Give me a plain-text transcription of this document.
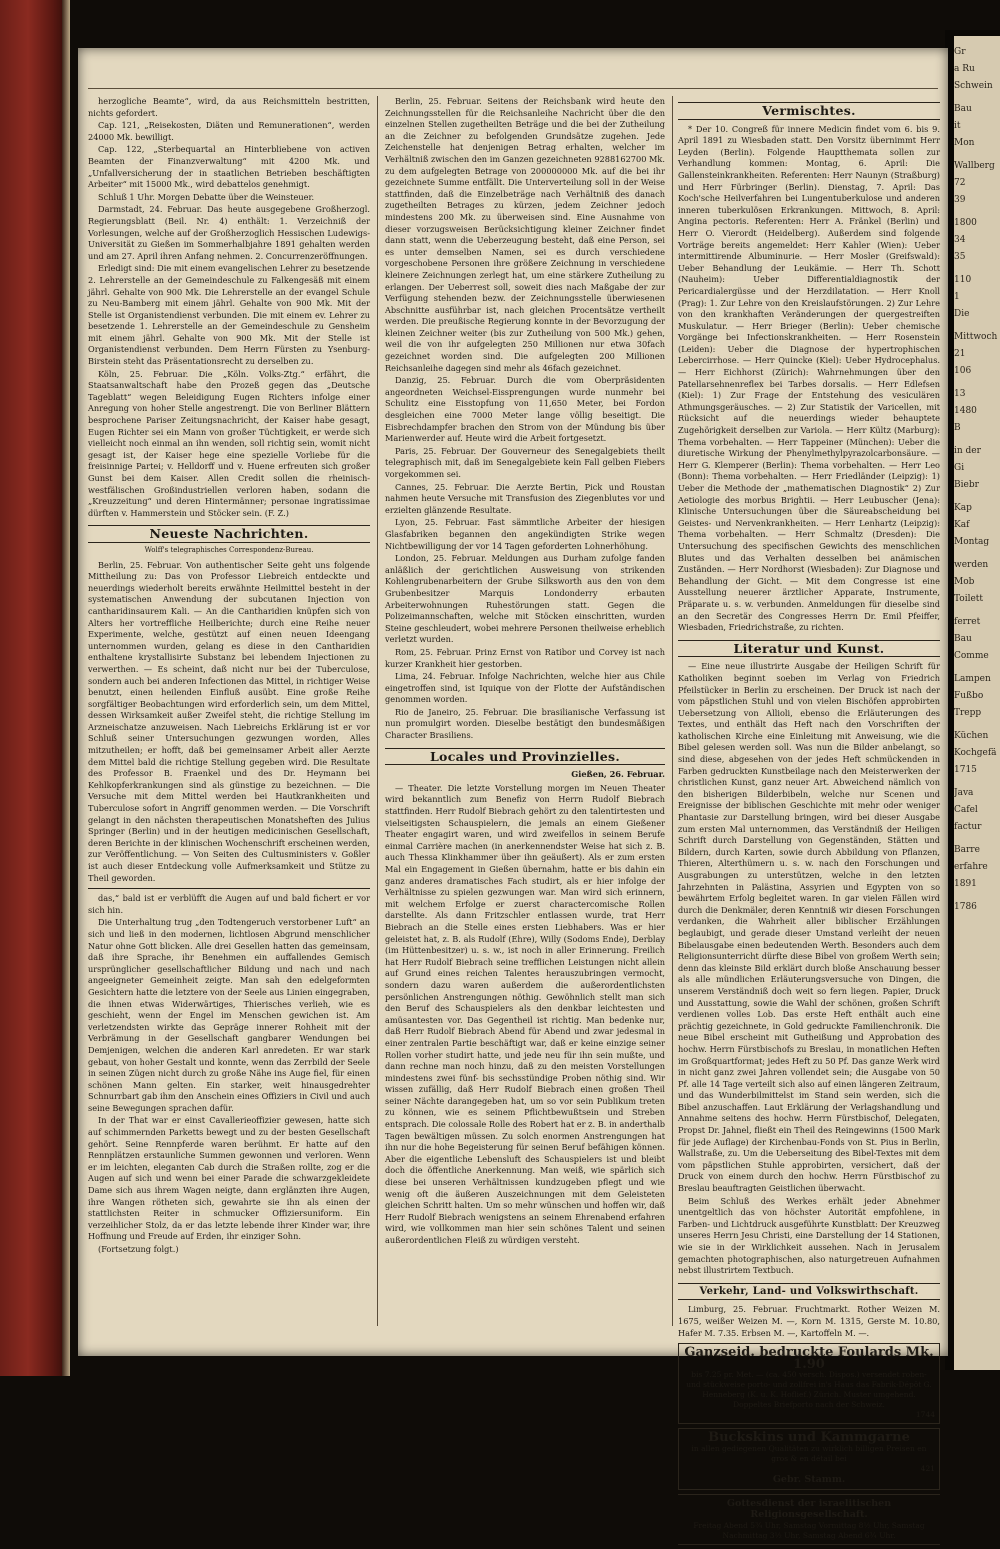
Gr
a Ru
Schwein
Bau
it
Mon
Wallberg
72
39
1800
34
35
110
1
Die
Mittwoch
21
106
13
1480
B
in der
Gi
Biebr
Kap
Kaf
Montag
werden
Mob
Toilett
ferret
Bau
Comme
Lampen
Fußbo
Trepp
Küchen
Kochgefä
1715
Java
Cafel
factur
Barre
erfahre
1891
1786

herzogliche Beamte“, wird, da aus Reichsmitteln bestritten, nichts gefordert.

Cap. 121, „Reisekosten, Diäten und Remunerationen“, werden 24000 Mk. bewilligt.

Cap. 122, „Sterbequartal an Hinterbliebene von activen Beamten der Finanzverwaltung“ mit 4200 Mk. und „Unfallversicherung der in staatlichen Betrieben beschäftigten Arbeiter“ mit 15000 Mk., wird debattelos genehmigt.

Schluß 1 Uhr. Morgen Debatte über die Weinsteuer.

Darmstadt, 24. Februar. Das heute ausgegebene Großherzogl. Regierungsblatt (Beil. Nr. 4) enthält: 1. Verzeichniß der Vorlesungen, welche auf der Großherzoglich Hessischen Ludewigs-Universität zu Gießen im Sommerhalbjahre 1891 gehalten werden und am 27. April ihren Anfang nehmen. 2. Concurrenzeröffnungen.

Erledigt sind: Die mit einem evangelischen Lehrer zu besetzende 2. Lehrerstelle an der Gemeindeschule zu Falkengesäß mit einem jährl. Gehalte von 900 Mk. Die Lehrerstelle an der evangel Schule zu Neu-Bamberg mit einem jährl. Gehalte von 900 Mk. Mit der Stelle ist Organistendienst verbunden. Die mit einem ev. Lehrer zu besetzende 1. Lehrerstelle an der Gemeindeschule zu Gensheim mit einem jährl. Gehalte von 900 Mk. Mit der Stelle ist Organistendienst verbunden. Dem Herrn Fürsten zu Ysenburg-Birstein steht das Präsentationsrecht zu derselben zu.

Köln, 25. Februar. Die „Köln. Volks-Ztg.“ erfährt, die Staatsanwaltschaft habe den Prozeß gegen das „Deutsche Tageblatt“ wegen Beleidigung Eugen Richters infolge einer Anregung von hoher Stelle angestrengt. Die von Berliner Blättern besprochene Pariser Zeitungsnachricht, der Kaiser habe gesagt, Eugen Richter sei ein Mann von großer Tüchtigkeit, er werde sich vielleicht noch einmal an ihn wenden, soll richtig sein, womit nicht gesagt ist, der Kaiser hege eine spezielle Vorliebe für die freisinnige Partei; v. Helldorff und v. Huene erfreuten sich großer Gunst bei dem Kaiser. Allen Credit sollen die rheinisch-westfälischen Großindustriellen verloren haben, sodann die „Kreuzzeitung“ und deren Hintermänner; personae ingratissimae dürften v. Hammerstein und Stöcker sein. (F. Z.)

Neueste Nachrichten.
Wolff's telegraphisches Correspondenz-Bureau.

Berlin, 25. Februar. Von authentischer Seite geht uns folgende Mittheilung zu: Das von Professor Liebreich entdeckte und neuerdings wiederholt bereits erwähnte Heilmittel besteht in der systematischen Anwendung der subcutanen Injection von cantharidinsaurem Kali. — An die Cantharidien knüpfen sich von Alters her vortreffliche Heilberichte; durch eine Reihe neuer Experimente, welche, gestützt auf einen neuen Ideengang unternommen wurden, gelang es diese in den Cantharidien enthaltene krystallisirte Substanz bei lebendem Injectionen zu verwerthen. — Es scheint, daß nicht nur bei der Tuberculose, sondern auch bei anderen Infectionen das Mittel, in richtiger Weise benutzt, einen heilenden Einfluß ausübt. Eine große Reihe sorgfältiger Beobachtungen wird erforderlich sein, um dem Mittel, dessen Wirksamkeit außer Zweifel steht, die richtige Stellung im Arzneischatze anzuweisen. Nach Liebreichs Erklärung ist er vor Schluß seiner Untersuchungen gezwungen worden, Alles mitzutheilen; er hofft, daß bei gemeinsamer Arbeit aller Aerzte dem Mittel bald die richtige Stellung gegeben wird. Die Resultate des Professor B. Fraenkel und des Dr. Heymann bei Kehlkopferkrankungen sind als günstige zu bezeichnen. — Die Versuche mit dem Mittel werden bei Hautkrankheiten und Tuberculose sofort in Angriff genommen werden. — Die Vorschrift gelangt in den nächsten therapeutischen Monatsheften des Julius Springer (Berlin) und in der heutigen medicinischen Gesellschaft, deren Berichte in der klinischen Wochenschrift erscheinen werden, zur Veröffentlichung. — Von Seiten des Cultusministers v. Goßler ist auch dieser Entdeckung volle Aufmerksamkeit und Stütze zu Theil geworden.

das,“ bald ist er verblüfft die Augen auf und bald fichert er vor sich hin.

Die Unterhaltung trug „den Todtengeruch verstorbener Luft“ an sich und ließ in den modernen, lichtlosen Abgrund menschlicher Natur ohne Gott blicken. Alle drei Gesellen hatten das gemeinsam, daß ihre Sprache, ihr Benehmen ein auffallendes Gemisch ursprünglicher gesellschaftlicher Bildung und nach und nach angeeigneter Gemeinheit zeigte. Man sah den edelgeformten Gesichtern hatte die letztere von der Seele aus Linien eingegraben, die ihnen etwas Widerwärtiges, Thierisches verlieh, wie es geschieht, wenn der Engel im Menschen gewichen ist. Am verletzendsten wirkte das Gepräge innerer Rohheit mit der Verbrämung in der Gesellschaft gangbarer Wendungen bei Demjenigen, welchen die anderen Karl anredeten. Er war stark gebaut, von hoher Gestalt und konnte, wenn das Zerrbild der Seele in seinen Zügen nicht durch zu große Nähe ins Auge fiel, für einen schönen Mann gelten. Ein starker, weit hinausgedrehter Schnurrbart gab ihm den Anschein eines Offiziers in Civil und auch seine Bewegungen sprachen dafür.

In der That war er einst Cavallerieoffizier gewesen, hatte sich auf schimmernden Parketts bewegt und zu der besten Gesellschaft gehört. Seine Rennpferde waren berühmt. Er hatte auf den Rennplätzen erstaunliche Summen gewonnen und verloren. Wenn er im leichten, eleganten Cab durch die Straßen rollte, zog er die Augen auf sich und wenn bei einer Parade die schwarzgekleidete Dame sich aus ihrem Wagen neigte, dann erglänzten ihre Augen, ihre Wangen rötheten sich, gewahrte sie ihn als einen der stattlichsten Reiter in schmucker Offiziersuniform. Ein verzeihlicher Stolz, da er das letzte lebende ihrer Kinder war, ihre Hoffnung und Freude auf Erden, ihr einziger Sohn.

(Fortsetzung folgt.)

Berlin, 25. Februar. Seitens der Reichsbank wird heute den Zeichnungsstellen für die Reichsanleihe Nachricht über die den einzelnen Stellen zugetheilten Beträge und die bei der Zutheilung an die Zeichner zu befolgenden Grundsätze zugehen. Jede Zeichenstelle hat denjenigen Betrag erhalten, welcher im Verhältniß zwischen den im Ganzen gezeichneten 9288162700 Mk. zu dem aufgelegten Betrage von 200000000 Mk. auf die bei ihr gezeichnete Summe entfällt. Die Unterverteilung soll in der Weise stattfinden, daß die Einzelbeträge nach Verhältniß des danach zugetheilten Betrages zu kürzen, jedem Zeichner jedoch mindestens 200 Mk. zu überweisen sind. Eine Ausnahme von dieser vorzugsweisen Berücksichtigung kleiner Zeichner findet dann statt, wenn die Ueberzeugung besteht, daß eine Person, sei es unter demselben Namen, sei es durch verschiedene vorgeschobene Personen ihre größere Zeichnung in verschiedene kleinere Zeichnungen zerlegt hat, um eine stärkere Zutheilung zu erlangen. Der Ueberrest soll, soweit dies nach Maßgabe der zur Verfügung stehenden bezw. der Zeichnungsstelle überwiesenen Abschnitte ausführbar ist, nach gleichen Procentsätze vertheilt werden. Die preußische Regierung konnte in der Bevorzugung der kleinen Zeichner weiter (bis zur Zutheilung von 500 Mk.) gehen, weil die von ihr aufgelegten 250 Millionen nur etwa 30fach gezeichnet worden sind. Die aufgelegten 200 Millionen Reichsanleihe dagegen sind mehr als 46fach gezeichnet.

Danzig, 25. Februar. Durch die vom Oberpräsidenten angeordneten Weichsel-Eissprengungen wurde nunmehr bei Schulitz eine Eisstopfung von 11,650 Meter, bei Fordon desgleichen eine 7000 Meter lange völlig beseitigt. Die Eisbrechdampfer brachen den Strom von der Mündung bis über Marienwerder auf. Heute wird die Arbeit fortgesetzt.

Paris, 25. Februar. Der Gouverneur des Senegalgebiets theilt telegraphisch mit, daß im Senegalgebiete kein Fall gelben Fiebers vorgekommen sei.

Cannes, 25. Februar. Die Aerzte Bertin, Pick und Roustan nahmen heute Versuche mit Transfusion des Ziegenblutes vor und erzielten glänzende Resultate.

Lyon, 25. Februar. Fast sämmtliche Arbeiter der hiesigen Glasfabriken begannen den angekündigten Strike wegen Nichtbewilligung der vor 14 Tagen geforderten Lohnerhöhung.

London, 25. Februar. Meldungen aus Durham zufolge fanden anläßlich der gerichtlichen Ausweisung von strikenden Kohlengrubenarbeitern der Grube Silksworth aus den von dem Grubenbesitzer Marquis Londonderry erbauten Arbeiterwohnungen Ruhestörungen statt. Gegen die Polizeimannschaften, welche mit Stöcken einschritten, wurden Steine geschleudert, wobei mehrere Personen theilweise erheblich verletzt wurden.

Rom, 25. Februar. Prinz Ernst von Ratibor und Corvey ist nach kurzer Krankheit hier gestorben.

Lima, 24. Februar. Infolge Nachrichten, welche hier aus Chile eingetroffen sind, ist Iquique von der Flotte der Aufständischen genommen worden.

Rio de Janeiro, 25. Februar. Die brasilianische Verfassung ist nun promulgirt worden. Dieselbe bestätigt den bundesmäßigen Character Brasiliens.

Locales und Provinzielles.
Gießen, 26. Februar.

— Theater. Die letzte Vorstellung morgen im Neuen Theater wird bekanntlich zum Benefiz von Herrn Rudolf Biebrach stattfinden. Herr Rudolf Biebrach gehört zu den talentirtesten und vielseitigsten Schauspielern, die jemals an einem Gießener Theater engagirt waren, und wird zweifellos in seinem Berufe einmal Carrière machen (in anerkennendster Weise hat sich z. B. auch Thessa Klinkhammer über ihn geäußert). Als er zum ersten Mal ein Engagement in Gießen übernahm, hatte er bis dahin ein ganz anderes dramatisches Fach studirt, als er hier infolge der Verhältnisse zu spielen gezwungen war. Man wird sich erinnern, mit welchem Erfolge er zuerst charactercomische Rollen darstellte. Als dann Fritzschler entlassen wurde, trat Herr Biebrach an die Stelle eines ersten Liebhabers. Was er hier geleistet hat, z. B. als Rudolf (Ehre), Willy (Sodoms Ende), Derblay (im Hüttenbesitzer) u. s. w., ist noch in aller Erinnerung. Freilich hat Herr Rudolf Biebrach seine trefflichen Leistungen nicht allein auf Grund eines reichen Talentes herauszubringen vermocht, sondern dazu waren außerdem die außerordentlichsten persönlichen Anstrengungen nöthig. Gewöhnlich stellt man sich den Beruf des Schauspielers als den denkbar leichtesten und amüsantesten vor. Das Gegentheil ist richtig. Man bedenke nur, daß Herr Rudolf Biebrach Abend für Abend und zwar jedesmal in einer zentralen Partie beschäftigt war, daß er keine einzige seiner Rollen vorher studirt hatte, und jede neu für ihn sein mußte, und dann rechne man noch hinzu, daß zu den meisten Vorstellungen mindestens zwei fünf- bis sechsstündige Proben nöthig sind. Wir wissen zufällig, daß Herr Rudolf Biebrach einen großen Theil seiner Nächte darangegeben hat, um so vor sein Publikum treten zu können, wie es seinem Pflichtbewußtsein und Streben entsprach. Die colossale Rolle des Robert hat er z. B. in anderthalb Tagen bewältigen müssen. Zu solch enormen Anstrengungen hat ihn nur die hohe Begeisterung für seinen Beruf befähigen können. Aber die eigentliche Lebensluft des Schauspielers ist und bleibt doch die öffentliche Anerkennung. Man weiß, wie spärlich sich diese bei unseren Verhältnissen kundzugeben pflegt und wie wenig oft die äußeren Auszeichnungen mit dem Geleisteten gleichen Schritt halten. Um so mehr wünschen und hoffen wir, daß Herr Rudolf Biebrach wenigstens an seinem Ehrenabend erfahren wird, wie vollkommen man hier sein schönes Talent und seinen außerordentlichen Fleiß zu würdigen versteht.

Vermischtes.

* Der 10. Congreß für innere Medicin findet vom 6. bis 9. April 1891 zu Wiesbaden statt. Den Vorsitz übernimmt Herr Leyden (Berlin). Folgende Hauptthemata sollen zur Verhandlung kommen: Montag, 6. April: Die Gallensteinkrankheiten. Referenten: Herr Naunyn (Straßburg) und Herr Fürbringer (Berlin). Dienstag, 7. April: Das Koch'sche Heilverfahren bei Lungentuberkulose und anderen inneren tuberkulösen Erkrankungen. Mittwoch, 8. April: Angina pectoris. Referenten: Herr A. Fränkel (Berlin) und Herr O. Vierordt (Heidelberg). Außerdem sind folgende Vorträge bereits angemeldet: Herr Kahler (Wien): Ueber intermittirende Albuminurie. — Herr Mosler (Greifswald): Ueber Behandlung der Leukämie. — Herr Th. Schott (Nauheim): Ueber Differentialdiagnostik der Pericardialergüsse und der Herzdilatation. — Herr Knoll (Prag): 1. Zur Lehre von den Kreislaufstörungen. 2) Zur Lehre von den krankhaften Veränderungen der quergestreiften Muskulatur. — Herr Brieger (Berlin): Ueber chemische Vorgänge bei Infectionskrankheiten. — Herr Rosenstein (Leiden): Ueber die Diagnose der hypertrophischen Lebercirrhose. — Herr Quincke (Kiel): Ueber Hydrocephalus. — Herr Eichhorst (Zürich): Wahrnehmungen über den Patellarsehnenreflex bei Tarbes dorsalis. — Herr Edlefsen (Kiel): 1) Zur Frage der Entstehung des vesiculären Athmungsgeräusches. — 2) Zur Statistik der Varicellen, mit Rücksicht auf die neuerdings wieder behauptete Zugehörigkeit derselben zur Variola. — Herr Kültz (Marburg): Thema vorbehalten. — Herr Tappeiner (München): Ueber die diuretische Wirkung der Phenylmethylpyrazolcarbonsäure. — Herr G. Klemperer (Berlin): Thema vorbehalten. — Herr Leo (Bonn): Thema vorbehalten. — Herr Friedländer (Leipzig): 1) Ueber die Methode der „mathematischen Diagnostik“ 2) Zur Aetiologie des morbus Brightii. — Herr Leubuscher (Jena): Klinische Untersuchungen über die Säureabscheidung bei Geistes- und Nervenkrankheiten. — Herr Lenhartz (Leipzig): Thema vorbehalten. — Herr Schmaltz (Dresden): Die Untersuchung des specifischen Gewichts des menschlichen Blutes und das Verhalten desselben bei anämischen Zuständen. — Herr Nordhorst (Wiesbaden): Zur Diagnose und Behandlung der Gicht. — Mit dem Congresse ist eine Ausstellung neuerer ärztlicher Apparate, Instrumente, Präparate u. s. w. verbunden. Anmeldungen für dieselbe sind an den Secretär des Congresses Herrn Dr. Emil Pfeiffer, Wiesbaden, Friedrichstraße, zu richten.

Literatur und Kunst.

— Eine neue illustrirte Ausgabe der Heiligen Schrift für Katholiken beginnt soeben im Verlag von Friedrich Pfeilstücker in Berlin zu erscheinen. Der Druck ist nach der vom päpstlichen Stuhl und von vielen Bischöfen approbirten Uebersetzung von Allioli, ebenso die Erläuterungen des Textes, und enthält das Heft nach den Vorschriften der katholischen Kirche eine Einleitung mit Anweisung, wie die Bibel gelesen werden soll. Was nun die Bilder anbelangt, so sind diese, abgesehen von der jedes Heft schmückenden in Farben gedruckten Kunstbeilage nach den Meisterwerken der christlichen Kunst, ganz neuer Art. Abweichend nämlich von den bisherigen Bilderbibeln, welche nur Scenen und Ereignisse der biblischen Geschichte mit mehr oder weniger Phantasie zur Darstellung bringen, wird bei dieser Ausgabe zum ersten Mal unternommen, das Verständniß der Heiligen Schrift durch Darstellung von Gegenständen, Stätten und Bildern, durch Karten, sowie durch Abbildung von Pflanzen, Thieren, Alterthümern u. s. w. nach den Forschungen und Ausgrabungen zu unterstützen, welche in den letzten Jahrzehnten in Palästina, Assyrien und Egypten von so bewährtem Erfolg begleitet waren. In gar vielen Fällen wird durch die Denkmäler, deren Kenntniß wir diesen Forschungen verdanken, die Wahrheit aller biblischer Erzählungen beglaubigt, und gerade dieser Umstand verleiht der neuen Bibelausgabe einen bedeutenden Werth. Besonders auch dem Religionsunterricht dürfte diese Bibel von großem Werth sein; denn das kleinste Bild erklärt durch bloße Anschauung besser als alle mündlichen Erläuterungsversuche von Dingen, die unserem Verständniß doch weit so fern liegen. Papier, Druck und Ausstattung, sowie die Wahl der schönen, großen Schrift verdienen volles Lob. Das erste Heft enthält auch eine prächtig gezeichnete, in Gold gedruckte Familienchronik. Die neue Bibel erscheint mit Gutheißung und Approbation des hochw. Herrn Fürstbischofs zu Breslau, in monatlichen Heften im Großquartformat; jedes Heft zu 50 Pf. Das ganze Werk wird in nicht ganz zwei Jahren vollendet sein; die Ausgabe von 50 Pf. alle 14 Tage verteilt sich also auf einen längeren Zeitraum, und das Wunderbilmittelst im Stand sein werden, sich die Bibel anzuschaffen. Laut Erklärung der Verlagshandlung und Annahme seitens des hochw. Herrn Fürstbischof, Delegaten, Propst Dr. Jahnel, fließt ein Theil des Reingewinns (1500 Mark für jede Auflage) der Kirchenbau-Fonds von St. Pius in Berlin, Wallstraße, zu. Um die Ueberseitung des Bibel-Textes mit dem vom päpstlichen Stuhle approbirten, versichert, daß der Druck von einem durch den hochw. Herrn Fürstbischof zu Breslau beauftragten Geistlichen überwacht.

Beim Schluß des Werkes erhält jeder Abnehmer unentgeltlich das von höchster Autorität empfohlene, in Farben- und Lichtdruck ausgeführte Kunstblatt: Der Kreuzweg unseres Herrn Jesu Christi, eine Darstellung der 14 Stationen, wie sie in der Wirklichkeit aussehen. Nach in Jerusalem gemachten photographischen, also naturgetreuen Aufnahmen nebst illustrirtem Textbuch.

Verkehr, Land- und Volkswirthschaft.

Limburg, 25. Februar. Fruchtmarkt. Rother Weizen M. 1675, weißer Weizen M. —, Korn M. 1315, Gerste M. 10.80, Hafer M. 7.35. Erbsen M. —, Kartoffeln M. —.

Ganzseid. bedruckte Foulards Mk. 1.90
bis 7.25 pr. Met. — (ca. 450 versch. Dispos.) versendet roben- und stückweise porto- und zollfrei in's Haus das Fabrik-Dépôt G. Henneberg (K. u. K. Hoflief.) Zürich. Muster umgehend. Doppeltes Briefporto nach der Schweiz.
1744
Buckskins und Kammgarne
in allen gediegenen Qualitäten zu wirklich billigen Preisen en gros & en détail bei
421
Gebr. Stamm.
Gottesdienst der israelitischen Religionsgesellschaft.
Freitag Abend 5¾ Uhr, Samstag Vormittag 8½ Uhr, Samstag Nachmittag 3½ Uhr, Samstag Abend 6¾ Uhr.
